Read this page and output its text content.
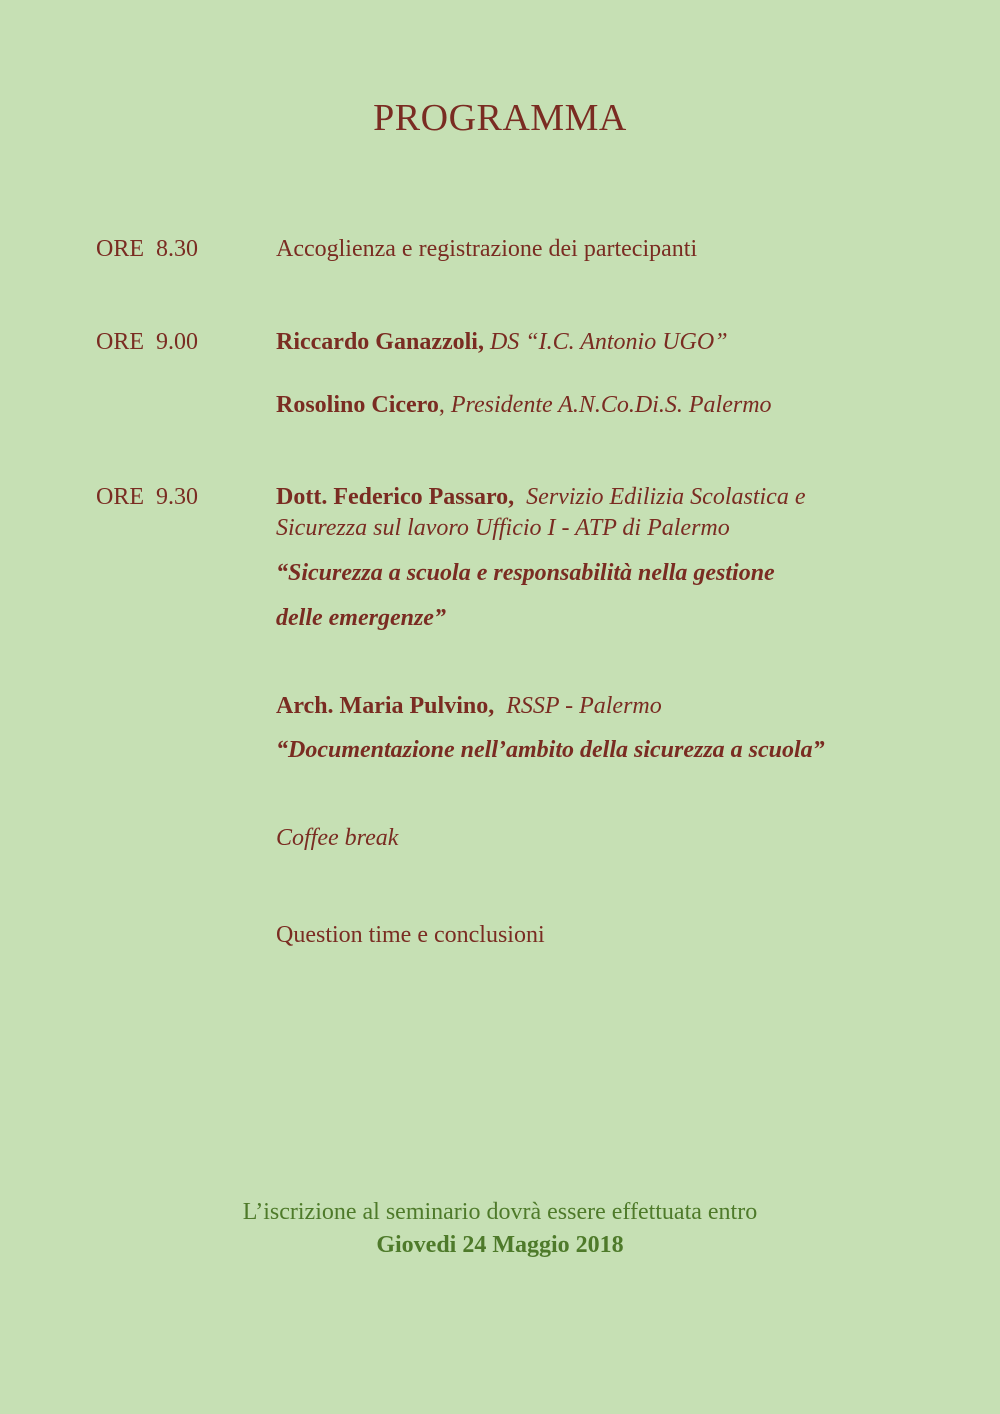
PROGRAMMA
ORE  8.30	Accoglienza e registrazione dei partecipanti
ORE  9.00	Riccardo Ganazzoli, DS “I.C. Antonio UGO”
Rosolino Cicero, Presidente A.N.Co.Di.S. Palermo
ORE  9.30	Dott. Federico Passaro, Servizio Edilizia Scolastica e
Sicurezza sul lavoro Ufficio I - ATP di Palermo
“Sicurezza a scuola e responsabilità nella gestione
delle emergenze”
Arch. Maria Pulvino, RSSP - Palermo
“Documentazione nell’ambito della sicurezza a scuola”
Coffee break
Question time e conclusioni
L’iscrizione al seminario dovrà essere effettuata entro
Giovedi 24 Maggio 2018
